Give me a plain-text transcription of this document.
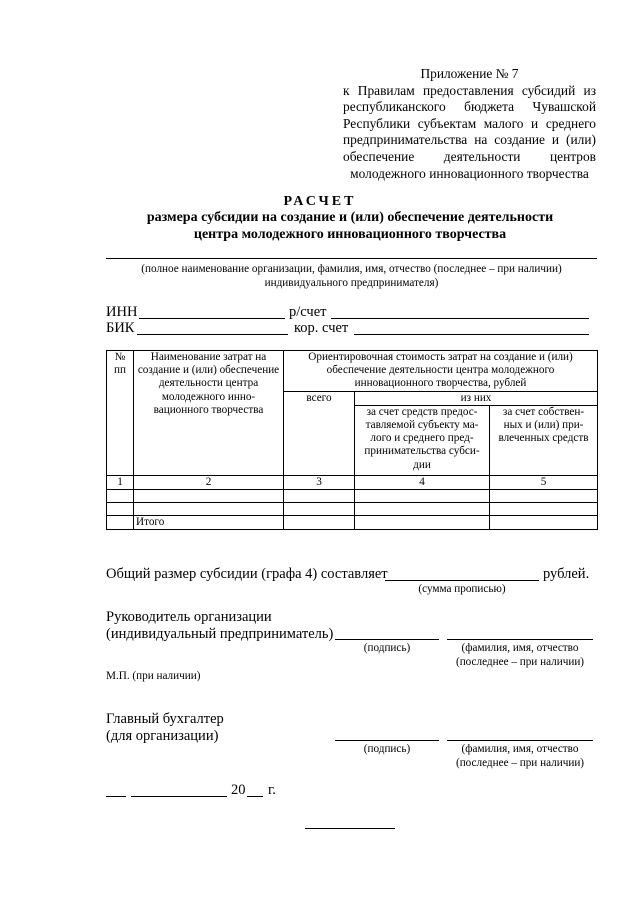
Приложение № 7
к Правилам предоставления субсидий из республиканского бюджета Чувашской Республики субъектам малого и среднего предпринимательства на создание и (или) обеспечение деятельности центров молодежного инновационного творчества
РАСЧЕТ
размера субсидии на создание и (или) обеспечение деятельности
центра молодежного инновационного творчества
(полное наименование организации, фамилия, имя, отчество (последнее – при наличии)
индивидуального предпринимателя)
ИНН	р/счет
БИК	кор. счет
№ пп	Наименование затрат на создание и (или) обеспечение деятельности центра молодежного инно- вационного творчества	Ориентировочная стоимость затрат на создание и (или) обеспечение деятельности центра молодежного инновационного творчества, рублей		
		всего	из них	
			за счет средств предос- тавляемой субъекту ма- лого и среднего пред- принимательства субси- дии	за счет собствен- ных и (или) при- влеченных средств
1	2	3	4	5

	Итого			
Общий размер субсидии (графа 4) составляет	рублей.
(сумма прописью)
Руководитель организации
(индивидуальный предприниматель)
(подпись)	(фамилия, имя, отчество
(последнее – при наличии)
М.П. (при наличии)
Главный бухгалтер
(для организации)
(подпись)	(фамилия, имя, отчество
(последнее – при наличии)
20 г.
